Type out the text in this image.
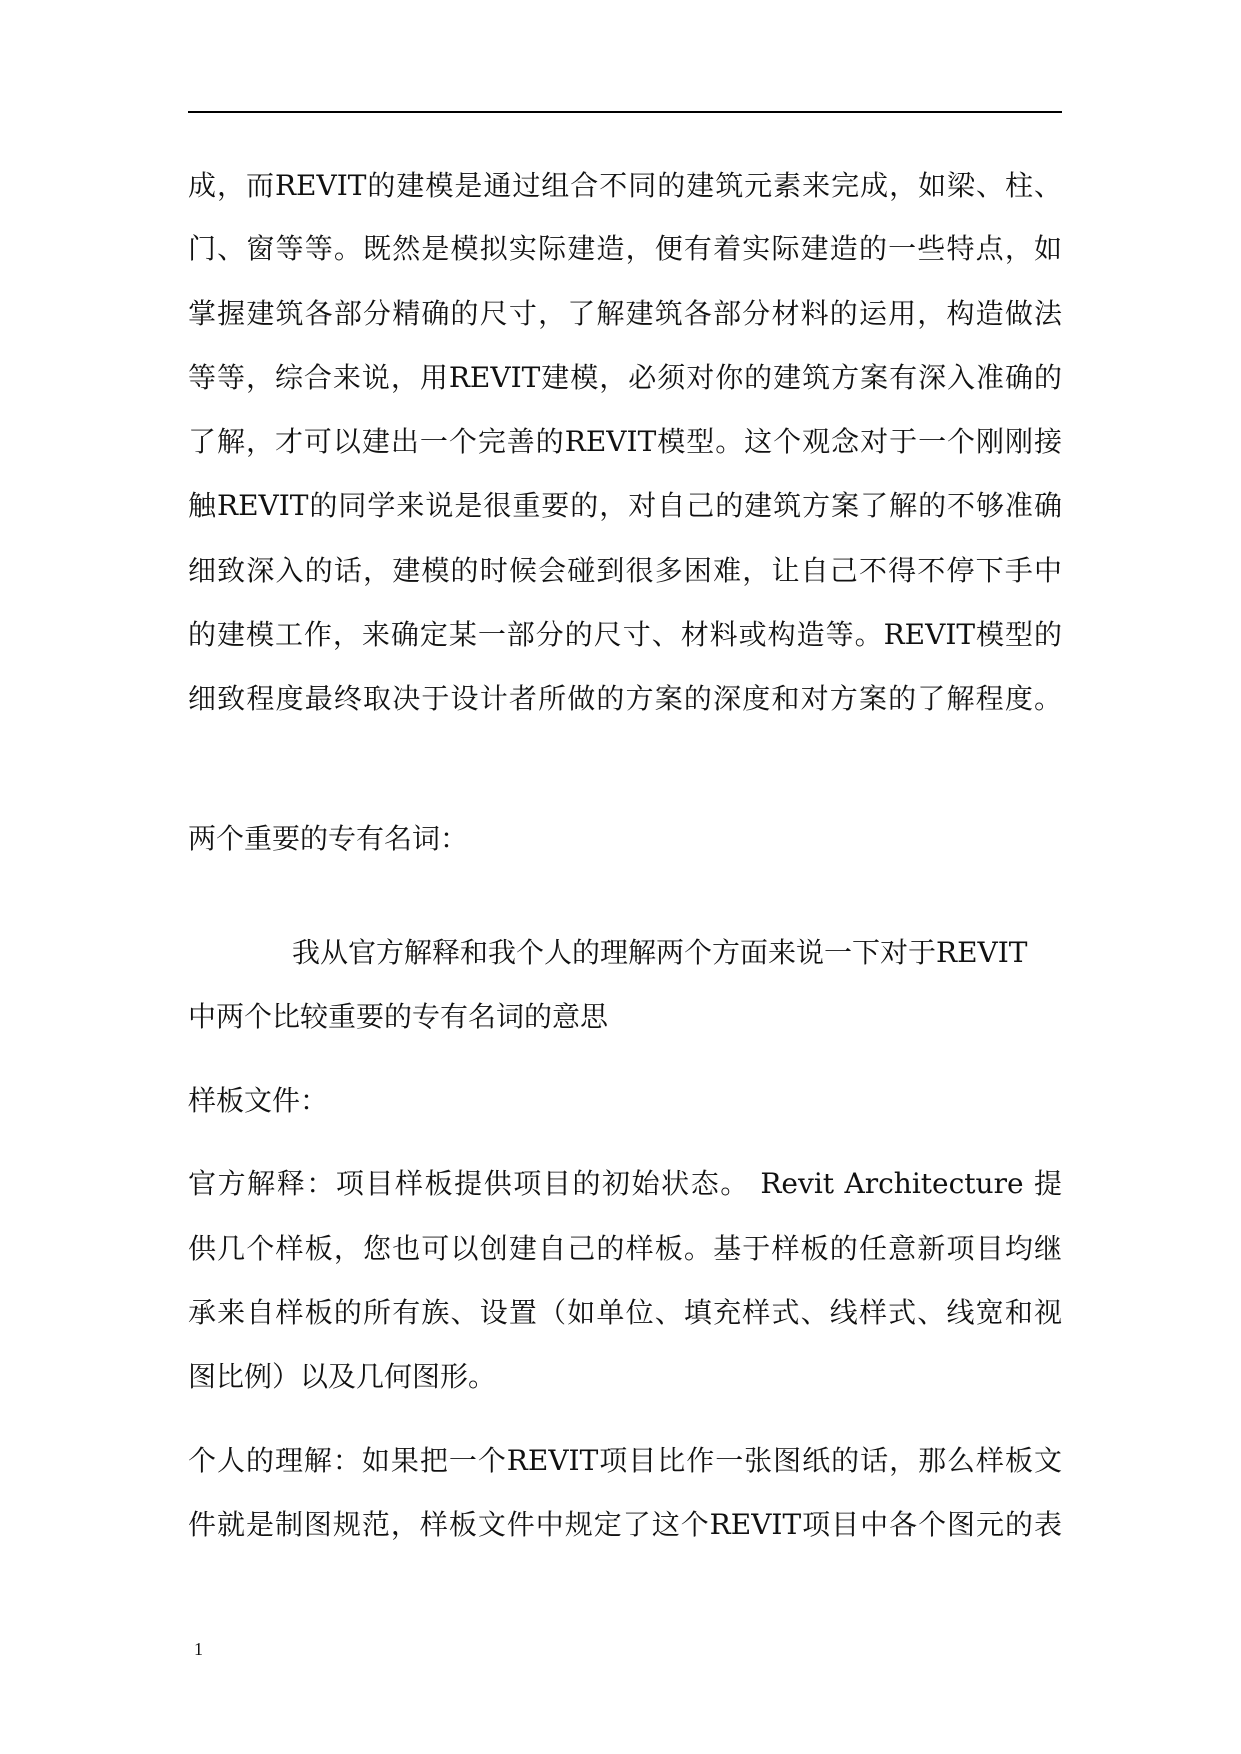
成，而REVIT的建模是通过组合不同的建筑元素来完成，如梁、柱、

门、窗等等。既然是模拟实际建造，便有着实际建造的一些特点，如

掌握建筑各部分精确的尺寸，了解建筑各部分材料的运用，构造做法

等等，综合来说，用REVIT建模，必须对你的建筑方案有深入准确的

了解，才可以建出一个完善的REVIT模型。这个观念对于一个刚刚接

触REVIT的同学来说是很重要的，对自己的建筑方案了解的不够准确

细致深入的话，建模的时候会碰到很多困难，让自己不得不停下手中

的建模工作，来确定某一部分的尺寸、材料或构造等。REVIT模型的

细致程度最终取决于设计者所做的方案的深度和对方案的了解程度。

两个重要的专有名词：

我从官方解释和我个人的理解两个方面来说一下对于REVIT

中两个比较重要的专有名词的意思

样板文件：

官方解释：项目样板提供项目的初始状态。 Revit Architecture 提

供几个样板，您也可以创建自己的样板。基于样板的任意新项目均继

承来自样板的所有族、设置（如单位、填充样式、线样式、线宽和视

图比例）以及几何图形。

个人的理解：如果把一个REVIT项目比作一张图纸的话，那么样板文

件就是制图规范，样板文件中规定了这个REVIT项目中各个图元的表

1
